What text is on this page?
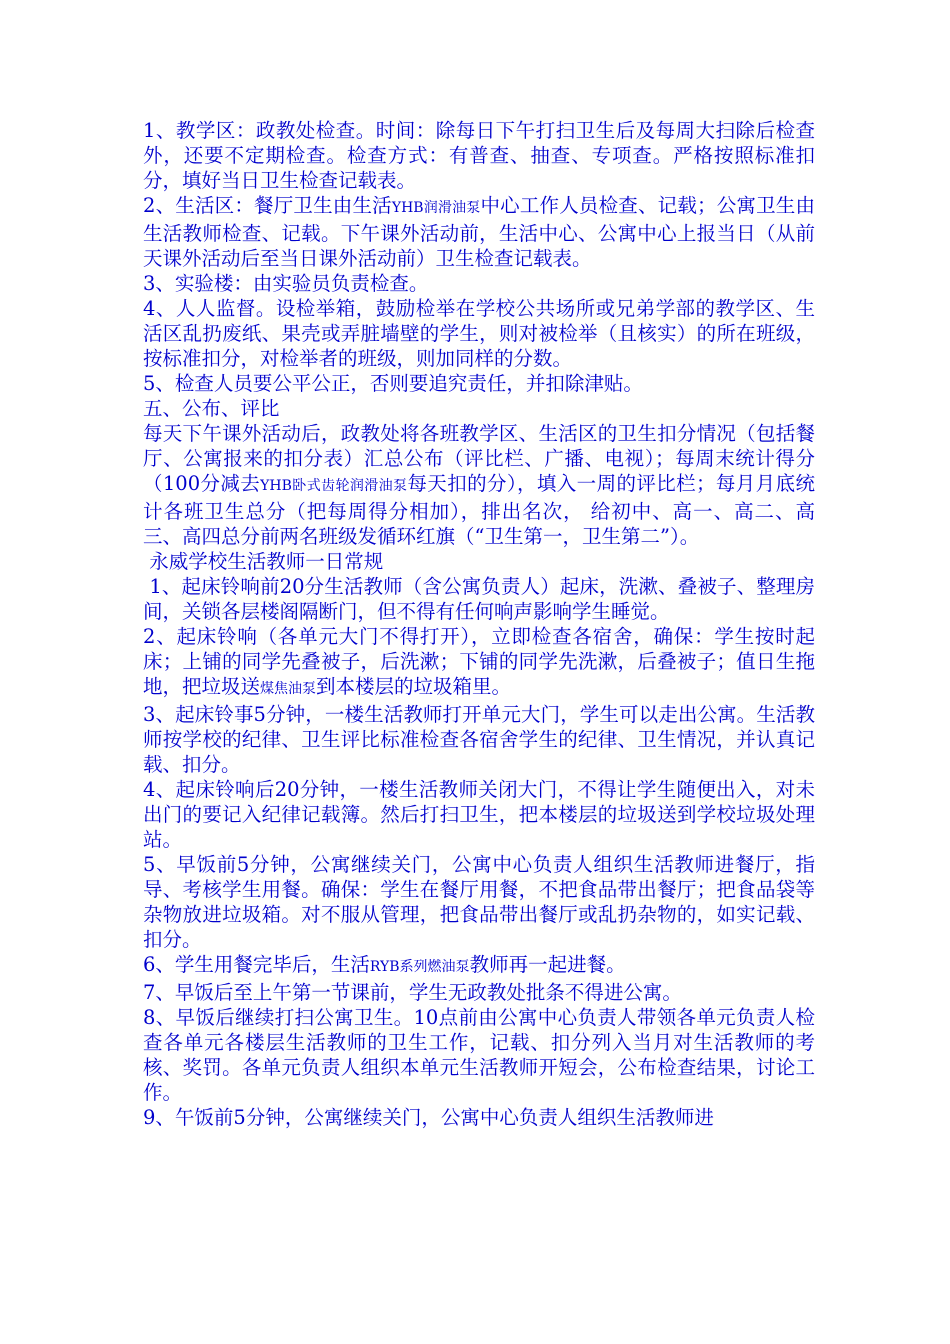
1、教学区：政教处检查。时间：除每日下午打扫卫生后及每周大扫除后检查外，还要不定期检查。检查方式：有普查、抽查、专项查。严格按照标准扣分，填好当日卫生检查记载表。

2、生活区：餐厅卫生由生活YHB润滑油泵中心工作人员检查、记载；公寓卫生由生活教师检查、记载。下午课外活动前，生活中心、公寓中心上报当日（从前天课外活动后至当日课外活动前）卫生检查记载表。

3、实验楼：由实验员负责检查。

4、人人监督。设检举箱，鼓励检举在学校公共场所或兄弟学部的教学区、生活区乱扔废纸、果壳或弄脏墙壁的学生，则对被检举（且核实）的所在班级，按标准扣分，对检举者的班级，则加同样的分数。

5、检查人员要公平公正，否则要追究责任，并扣除津贴。

五、公布、评比

每天下午课外活动后，政教处将各班教学区、生活区的卫生扣分情况（包括餐厅、公寓报来的扣分表）汇总公布（评比栏、广播、电视）；每周末统计得分（100分减去YHB卧式齿轮润滑油泵每天扣的分），填入一周的评比栏；每月月底统计各班卫生总分（把每周得分相加），排出名次， 给初中、高一、高二、高三、高四总分前两名班级发循环红旗（“卫生第一，卫生第二”）。

永威学校生活教师一日常规

1、起床铃响前20分生活教师（含公寓负责人）起床，洗漱、叠被子、整理房间，关锁各层楼阁隔断门，但不得有任何响声影响学生睡觉。

2、起床铃响（各单元大门不得打开），立即检查各宿舍，确保：学生按时起床；上铺的同学先叠被子，后洗漱；下铺的同学先洗漱，后叠被子；值日生拖地，把垃圾送煤焦油泵到本楼层的垃圾箱里。

3、起床铃事5分钟，一楼生活教师打开单元大门，学生可以走出公寓。生活教师按学校的纪律、卫生评比标准检查各宿舍学生的纪律、卫生情况，并认真记载、扣分。

4、起床铃响后20分钟，一楼生活教师关闭大门，不得让学生随便出入，对未出门的要记入纪律记载簿。然后打扫卫生，把本楼层的垃圾送到学校垃圾处理站。

5、早饭前5分钟，公寓继续关门，公寓中心负责人组织生活教师进餐厅，指导、考核学生用餐。确保：学生在餐厅用餐，不把食品带出餐厅；把食品袋等杂物放进垃圾箱。对不服从管理，把食品带出餐厅或乱扔杂物的，如实记载、扣分。

6、学生用餐完毕后，生活RYB系列燃油泵教师再一起进餐。

7、早饭后至上午第一节课前，学生无政教处批条不得进公寓。

8、早饭后继续打扫公寓卫生。10点前由公寓中心负责人带领各单元负责人检查各单元各楼层生活教师的卫生工作，记载、扣分列入当月对生活教师的考核、奖罚。各单元负责人组织本单元生活教师开短会，公布检查结果，讨论工作。

9、午饭前5分钟，公寓继续关门，公寓中心负责人组织生活教师进
